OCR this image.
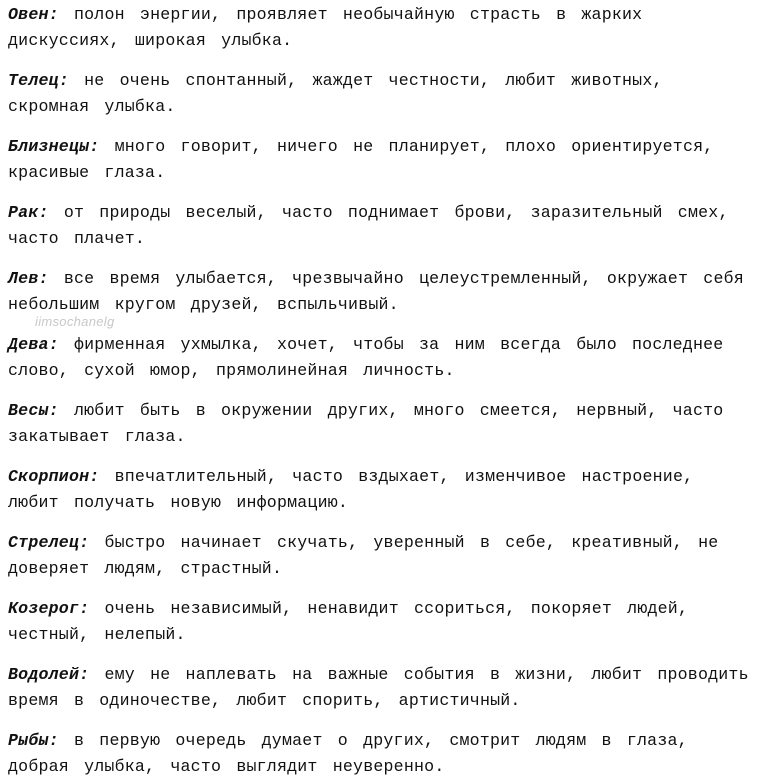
Овен: полон энергии, проявляет необычайную страсть в жарких дискуссиях, широкая улыбка.
Телец: не очень спонтанный, жаждет честности, любит животных, скромная улыбка.
Близнецы: много говорит, ничего не планирует, плохо ориентируется, красивые глаза.
Рак: от природы веселый, часто поднимает брови, заразительный смех, часто плачет.
Лев: все время улыбается, чрезвычайно целеустремленный, окружает себя небольшим кругом друзей, вспыльчивый.
Дева: фирменная ухмылка, хочет, чтобы за ним всегда было последнее слово, сухой юмор, прямолинейная личность.
Весы: любит быть в окружении других, много смеется, нервный, часто закатывает глаза.
Скорпион: впечатлительный, часто вздыхает, изменчивое настроение, любит получать новую информацию.
Стрелец: быстро начинает скучать, уверенный в себе, креативный, не доверяет людям, страстный.
Козерог: очень независимый, ненавидит ссориться, покоряет людей, честный, нелепый.
Водолей: ему не наплевать на важные события в жизни, любит проводить время в одиночестве, любит спорить, артистичный.
Рыбы: в первую очередь думает о других, смотрит людям в глаза, добрая улыбка, часто выглядит неуверенно.
iimsochanelg
